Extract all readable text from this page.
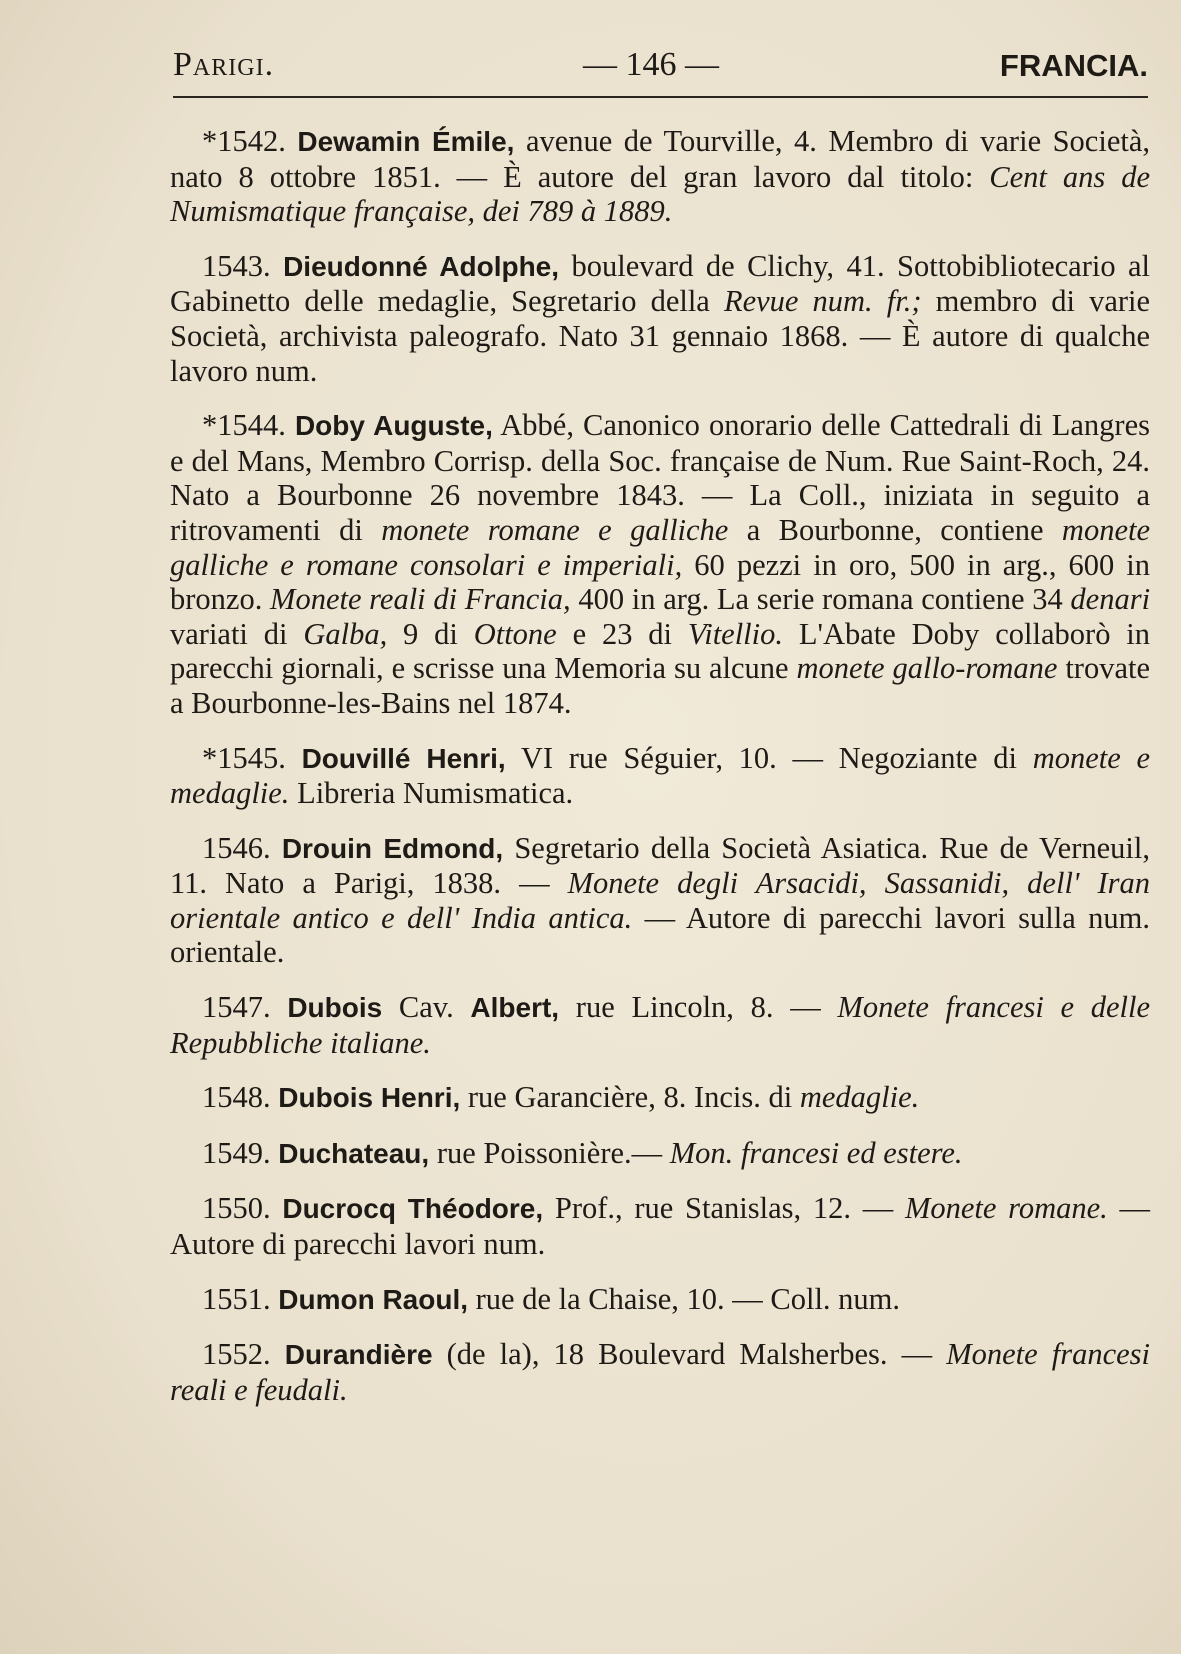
Parigi.	— 146 —	FRANCIA.

*1542. Dewamin Émile, avenue de Tourville, 4. Membro di varie Società, nato 8 ottobre 1851. — È autore del gran lavoro dal titolo: Cent ans de Numismatique française, dei 789 à 1889.

1543. Dieudonné Adolphe, boulevard de Clichy, 41. Sottobibliotecario al Gabinetto delle medaglie, Segretario della Revue num. fr.; membro di varie Società, archivista paleografo. Nato 31 gennaio 1868. — È autore di qualche lavoro num.

*1544. Doby Auguste, Abbé, Canonico onorario delle Cattedrali di Langres e del Mans, Membro Corrisp. della Soc. française de Num. Rue Saint-Roch, 24. Nato a Bourbonne 26 novembre 1843. — La Coll., iniziata in seguito a ritrovamenti di monete romane e galliche a Bourbonne, contiene monete galliche e romane consolari e imperiali, 60 pezzi in oro, 500 in arg., 600 in bronzo. Monete reali di Francia, 400 in arg. La serie romana contiene 34 denari variati di Galba, 9 di Ottone e 23 di Vitellio. L'Abate Doby collaborò in parecchi giornali, e scrisse una Memoria su alcune monete gallo-romane trovate a Bourbonne-les-Bains nel 1874.

*1545. Douvillé Henri, VI rue Séguier, 10. — Negoziante di monete e medaglie. Libreria Numismatica.

1546. Drouin Edmond, Segretario della Società Asiatica. Rue de Verneuil, 11. Nato a Parigi, 1838. — Monete degli Arsacidi, Sassanidi, dell' Iran orientale antico e dell' India antica. — Autore di parecchi lavori sulla num. orientale.

1547. Dubois Cav. Albert, rue Lincoln, 8. — Monete francesi e delle Repubbliche italiane.

1548. Dubois Henri, rue Garancière, 8. Incis. di medaglie.

1549. Duchateau, rue Poissonière.— Mon. francesi ed estere.

1550. Ducrocq Théodore, Prof., rue Stanislas, 12. — Monete romane. — Autore di parecchi lavori num.

1551. Dumon Raoul, rue de la Chaise, 10. — Coll. num.

1552. Durandière (de la), 18 Boulevard Malsherbes. — Monete francesi reali e feudali.
